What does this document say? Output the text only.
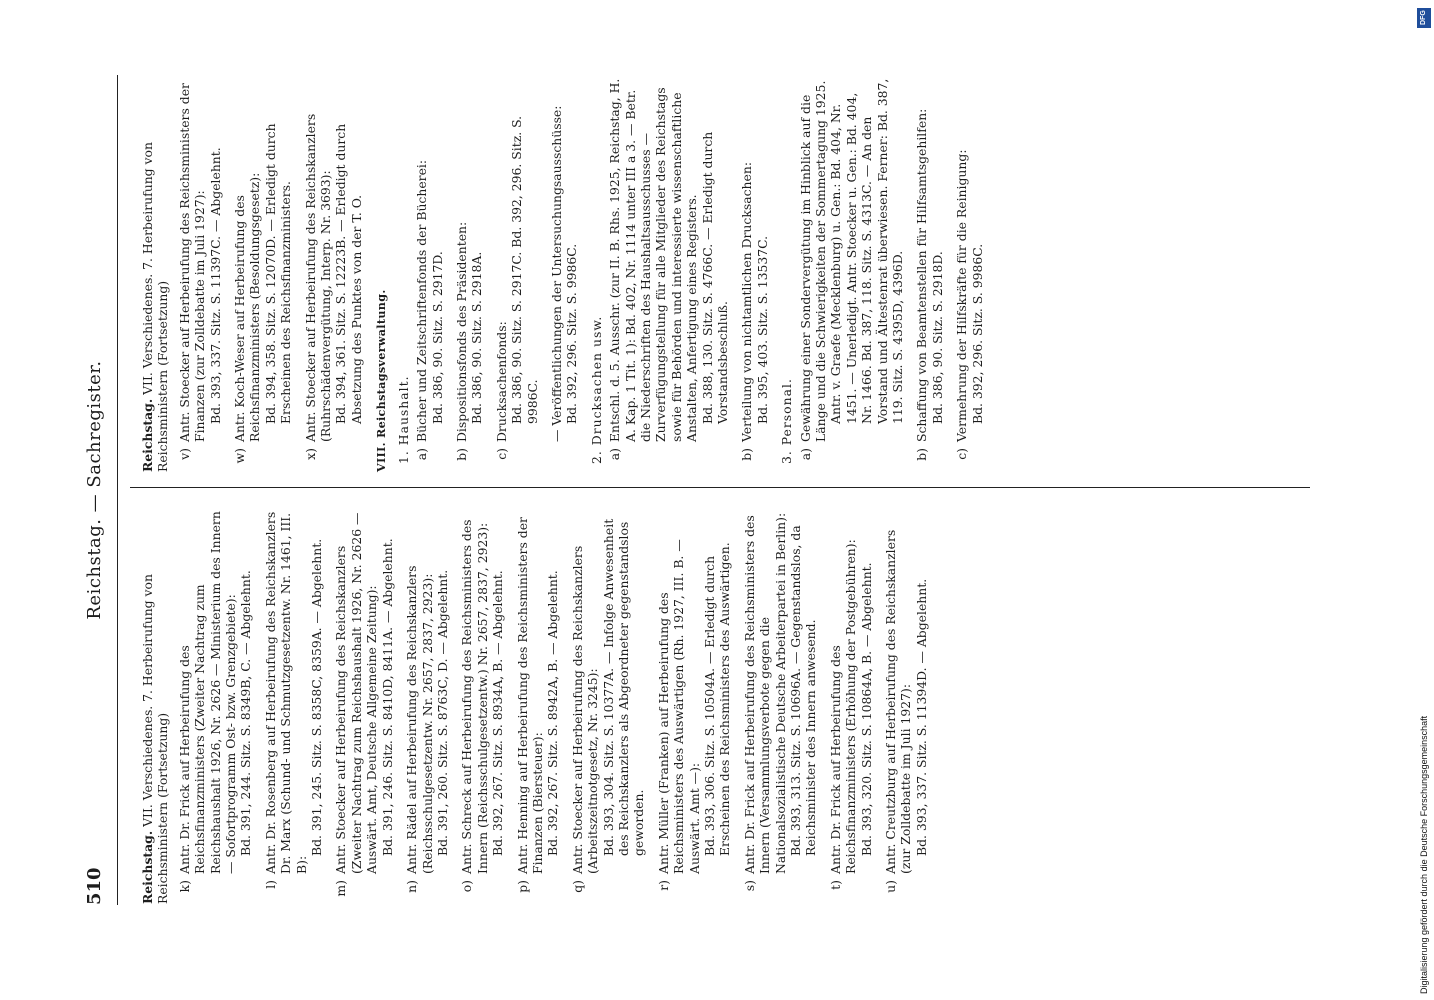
510
Reichstag. — Sachregister.
Reichstag. VII. Verschiedenes. 7. Herbeirufung von Reichsministern (Fortsetzung) k)
Antr. Dr. Frick auf Herbeirufung des Reichsfinanzministers (Zweiter Nachtrag zum Reichshaushalt 1926, Nr. 2626 — Ministerium des Innern — Sofortprogramm Ost- bzw. Grenzgebiete): Bd. 391, 244. Sitz. S. 8349B, C. — Abgelehnt.
l)
Antr. Dr. Rosenberg auf Herbeirufung des Reichskanzlers Dr. Marx (Schund- und Schmutzgesetzentw. Nr. 1461, III. B):
Bd. 391, 245. Sitz. S. 8358C, 8359A. — Abgelehnt.
m)
Antr. Stoecker auf Herbeirufung des Reichskanzlers (Zweiter Nachtrag zum Reichshaushalt 1926, Nr. 2626 — Auswärt. Amt, Deutsche Allgemeine Zeitung): Bd. 391, 246. Sitz. S. 8410D, 8411A. — Abgelehnt.
n)
Antr. Rädel auf Herbeirufung des Reichskanzlers (Reichsschulgesetzentw. Nr. 2657, 2837, 2923): Bd. 391, 260. Sitz. S. 8763C, D. — Abgelehnt.
o)
Antr. Schreck auf Herbeirufung des Reichsministers des Innern (Reichsschulgesetzentw.) Nr. 2657, 2837, 2923): Bd. 392, 267. Sitz. S. 8934A, B. — Abgelehnt.
p)
Antr. Henning auf Herbeirufung des Reichsministers der Finanzen (Biersteuer): Bd. 392, 267. Sitz. S. 8942A, B. — Abgelehnt.
q)
Antr. Stoecker auf Herbeirufung des Reichskanzlers (Arbeitszeitnotgesetz, Nr. 3245): Bd. 393, 304. Sitz. S. 10377A. — Infolge Anwesenheit des Reichskanzlers als Abgeordneter gegenstandslos geworden.
r)
Antr. Müller (Franken) auf Herbeirufung des Reichsministers des Auswärtigen (Rh. 1927, III. B. — Auswärt. Amt —): Bd. 393, 306. Sitz. S. 10504A. — Erledigt durch Erscheinen des Reichsministers des Auswärtigen.
s)
Antr. Dr. Frick auf Herbeirufung des Reichsministers des Innern (Versammlungsverbote gegen die Nationalsozialistische Deutsche Arbeiterpartei in Berlin): Bd. 393, 313. Sitz. S. 10696A. — Gegenstandslos, da Reichsminister des Innern anwesend.
t)
Antr. Dr. Frick auf Herbeirufung des Reichsfinanzministers (Erhöhung der Postgebühren): Bd. 393, 320. Sitz. S. 10864A, B. — Abgelehnt.
u)
Antr. Creutzburg auf Herbeirufung des Reichskanzlers (zur Zolldebatte im Juli 1927): Bd. 393, 337. Sitz. S. 11394D. — Abgelehnt.
Reichstag. VII. Verschiedenes. 7. Herbeirufung von Reichsministern (Fortsetzung) v)
Antr. Stoecker auf Herbeirufung des Reichsministers der Finanzen (zur Zolldebatte im Juli 1927): Bd. 393, 337. Sitz. S. 11397C. — Abgelehnt.
w)
Antr. Koch-Weser auf Herbeirufung des Reichsfinanzministers (Besoldungsgesetz): Bd. 394, 358. Sitz. S. 12070D. — Erledigt durch Erscheinen des Reichsfinanzministers.
x)
Antr. Stoecker auf Herbeirufung des Reichskanzlers (Ruhrschädenvergütung, Interp. Nr. 3693): Bd. 394, 361. Sitz. S. 12223B. — Erledigt durch Absetzung des Punktes von der T. O. VIII. Reichstagsverwaltung. 1. Haushalt. a)
Bücher und Zeitschriftenfonds der Bücherei: Bd. 386, 90. Sitz. S. 2917D.
b)
Dispositionsfonds des Präsidenten: Bd. 386, 90. Sitz. S. 2918A.
c)
Drucksachenfonds: Bd. 386, 90. Sitz. S. 2917C. Bd. 392, 296. Sitz. S. 9986C. — Veröffentlichungen der Untersuchungsausschüsse: Bd. 392, 296. Sitz. S. 9986C. 2. Drucksachen usw. a)
Entschl. d. 5. Ausschr. (zur II. B. Rhs. 1925, Reichstag, H. A. Kap. 1 Tit. 1): Bd. 402, Nr. 1114 unter III a 3. — Betr. die Niederschriften des Haushaltsausschusses — Zurverfügungstellung für alle Mitglieder des Reichstags sowie für Behörden und interessierte wissenschaftliche Anstalten, Anfertigung eines Registers. Bd. 388, 130. Sitz. S. 4766C. — Erledigt durch Vorstandsbeschluß.
b)
Verteilung von nichtamtlichen Drucksachen: Bd. 395, 403. Sitz. S. 13537C. 3. Personal. a)
Gewährung einer Sondervergütung im Hinblick auf die Länge und die Schwierigkeiten der Sommertagung 1925. Antr. v. Graefe (Mecklenburg) u. Gen.: Bd. 404, Nr. 1451. — Unerledigt. Antr. Stoecker u. Gen.: Bd. 404, Nr. 1466. Bd. 387, 118. Sitz. S. 4313C. — An den Vorstand und Ältestenrat überwiesen. Ferner: Bd. 387, 119. Sitz. S. 4395D, 4396D.
b)
Schaffung von Beamtenstellen für Hilfsamtsgehilfen: Bd. 386, 90. Sitz. S. 2918D.
c)
Vermehrung der Hilfskräfte für die Reinigung: Bd. 392, 296. Sitz. S. 9986C.
DFG
Digitalisierung gefördert durch die Deutsche Forschungsgemeinschaft
